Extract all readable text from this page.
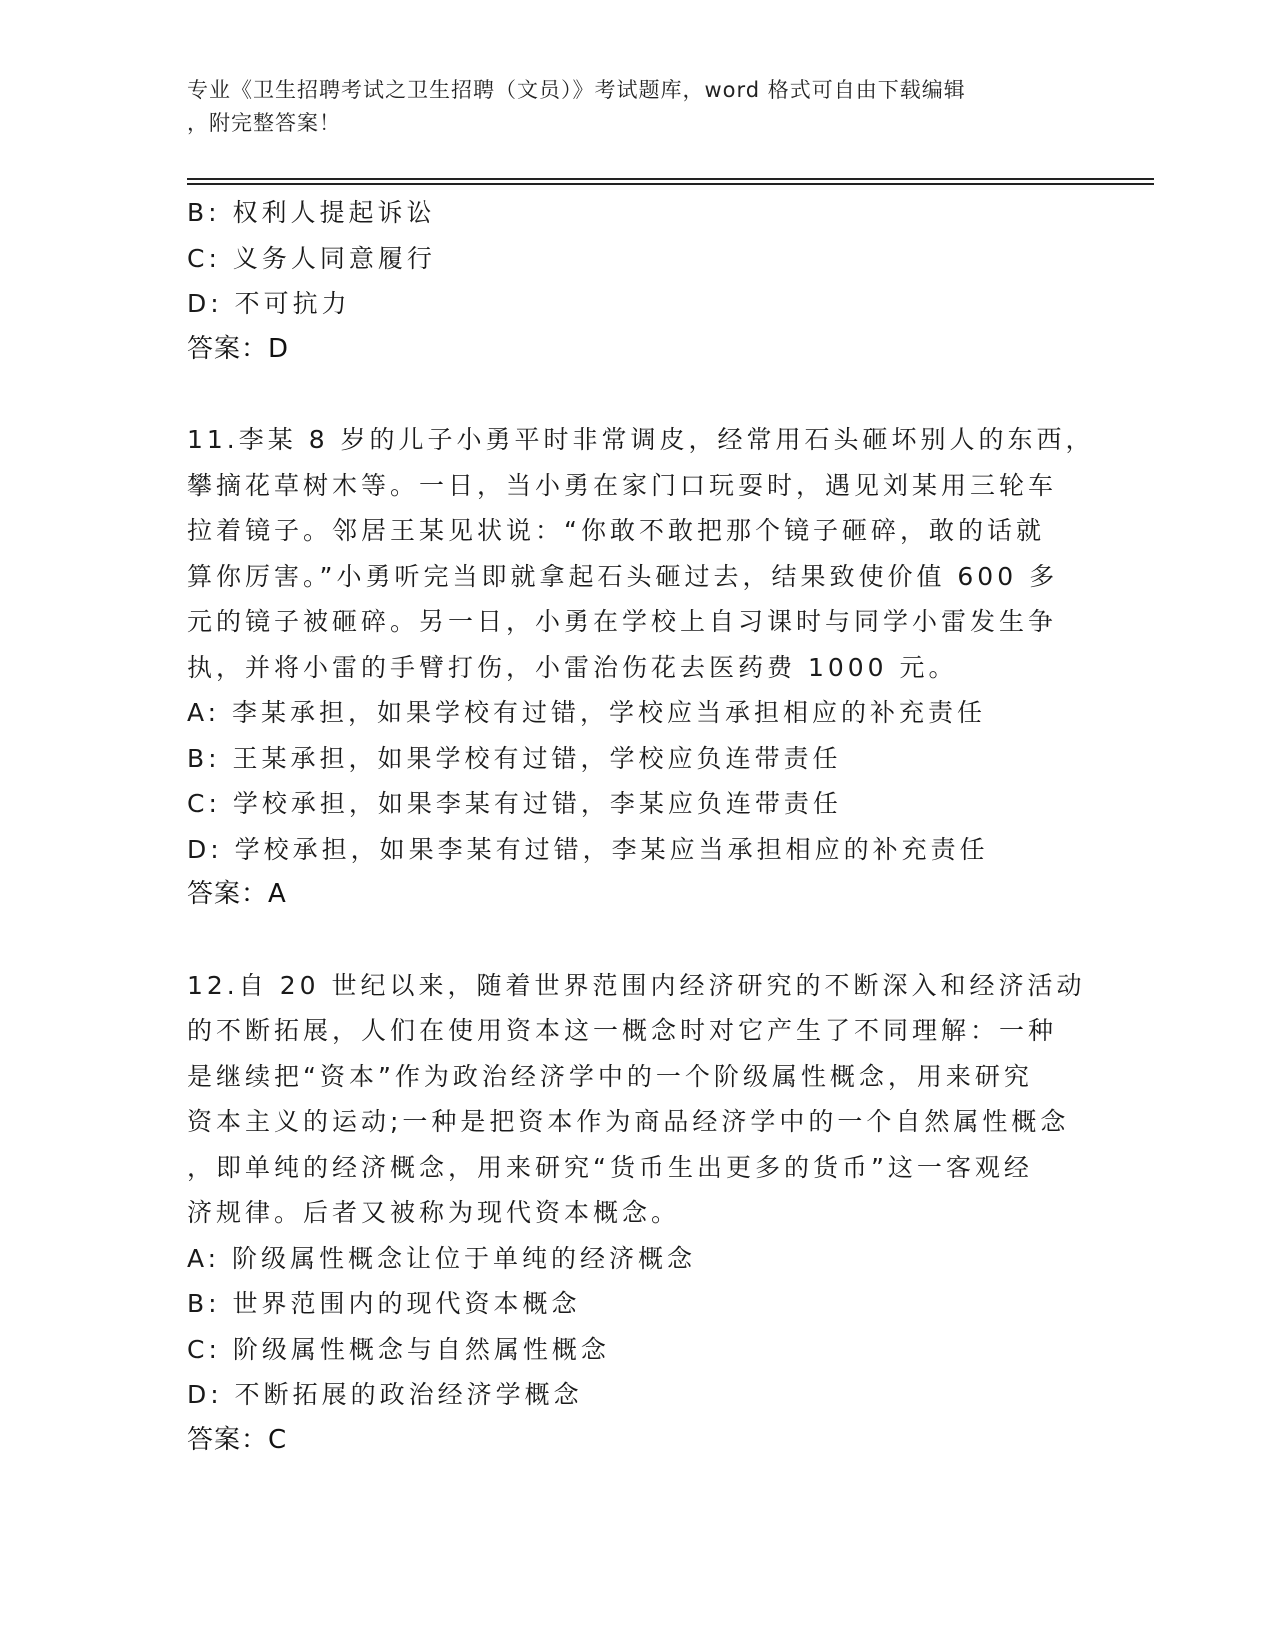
专业《卫生招聘考试之卫生招聘（文员）》考试题库，word 格式可自由下载编辑
，附完整答案！
B: 权利人提起诉讼
C: 义务人同意履行
D: 不可抗力
答案：D
11.李某 8 岁的儿子小勇平时非常调皮，经常用石头砸坏别人的东西，
攀摘花草树木等。一日，当小勇在家门口玩耍时，遇见刘某用三轮车
拉着镜子。邻居王某见状说：“你敢不敢把那个镜子砸碎，敢的话就
算你厉害。”小勇听完当即就拿起石头砸过去，结果致使价值 600 多
元的镜子被砸碎。另一日，小勇在学校上自习课时与同学小雷发生争
执，并将小雷的手臂打伤，小雷治伤花去医药费 1000 元。
A: 李某承担，如果学校有过错，学校应当承担相应的补充责任
B: 王某承担，如果学校有过错，学校应负连带责任
C: 学校承担，如果李某有过错，李某应负连带责任
D: 学校承担，如果李某有过错，李某应当承担相应的补充责任
答案：A
12.自 20 世纪以来，随着世界范围内经济研究的不断深入和经济活动
的不断拓展，人们在使用资本这一概念时对它产生了不同理解：一种
是继续把“资本”作为政治经济学中的一个阶级属性概念，用来研究
资本主义的运动;一种是把资本作为商品经济学中的一个自然属性概念
，即单纯的经济概念，用来研究“货币生出更多的货币”这一客观经
济规律。后者又被称为现代资本概念。
A: 阶级属性概念让位于单纯的经济概念
B: 世界范围内的现代资本概念
C: 阶级属性概念与自然属性概念
D: 不断拓展的政治经济学概念
答案：C
